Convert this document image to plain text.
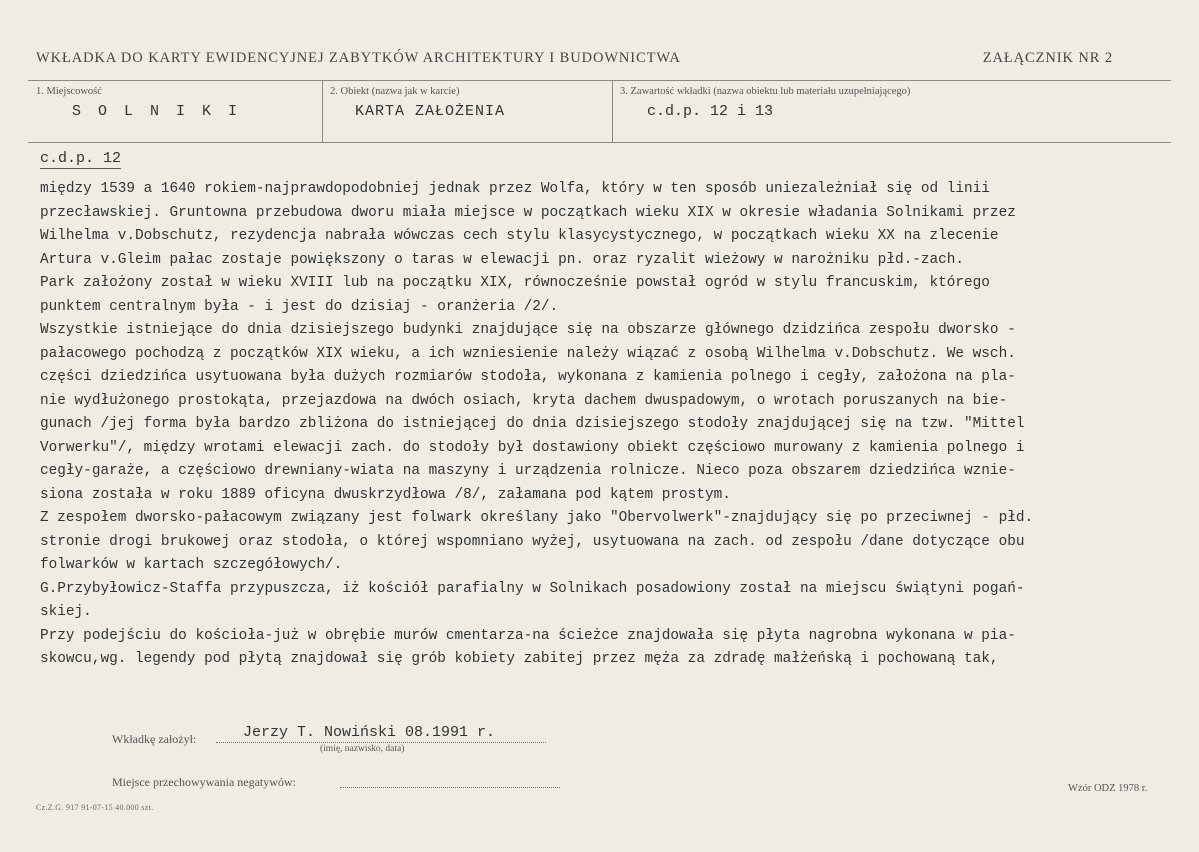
WKŁADKA DO KARTY EWIDENCYJNEJ ZABYTKÓW ARCHITEKTURY I BUDOWNICTWA	ZAŁĄCZNIK NR 2
1. Miejscowość
S O L N I K I
2. Obiekt (nazwa jak w karcie)
KARTA ZAŁOŻENIA
3. Zawartość wkładki (nazwa obiektu lub materiału uzupełniającego)
c.d.p. 12 i 13
c.d.p. 12
między 1539 a 1640 rokiem-najprawdopodobniej jednak przez Wolfa, który w ten sposób uniezależniał się od linii
przecławskiej. Gruntowna przebudowa dworu miała miejsce w początkach wieku XIX w okresie władania Solnikami przez
Wilhelma v.Dobschutz, rezydencja nabrała wówczas cech stylu klasycystycznego, w początkach wieku XX na zlecenie
Artura v.Gleim pałac zostaje powiększony o taras w elewacji pn. oraz ryzalit wieżowy w narożniku płd.-zach.
Park założony został w wieku XVIII lub na początku XIX, równocześnie powstał ogród w stylu francuskim, którego
punktem centralnym była - i jest do dzisiaj - oranżeria /2/.
Wszystkie istniejące do dnia dzisiejszego budynki znajdujące się na obszarze głównego dzidzińca zespołu dworsko -
pałacowego pochodzą z początków XIX wieku, a ich wzniesienie należy wiązać z osobą Wilhelma v.Dobschutz. We wsch.
części dziedzińca usytuowana była dużych rozmiarów stodoła, wykonana z kamienia polnego i cegły, założona na pla-
nie wydłużonego prostokąta, przejazdowa na dwóch osiach, kryta dachem dwuspadowym, o wrotach poruszanych na bie-
gunach /jej forma była bardzo zbliżona do istniejącej do dnia dzisiejszego stodoły znajdującej się na tzw. "Mittel
Vorwerku"/, między wrotami elewacji zach. do stodoły był dostawiony obiekt częściowo murowany z kamienia polnego i
cegły-garaże, a częściowo drewniany-wiata na maszyny i urządzenia rolnicze. Nieco poza obszarem dziedzińca wznie-
siona została w roku 1889 oficyna dwuskrzydłowa /8/, załamana pod kątem prostym.
Z zespołem dworsko-pałacowym związany jest folwark określany jako "Obervolwerk"-znajdujący się po przeciwnej - płd.
stronie drogi brukowej oraz stodoła, o której wspomniano wyżej, usytuowana na zach. od zespołu /dane dotyczące obu
folwarków w kartach szczegółowych/.
G.Przybyłowicz-Staffa przypuszcza, iż kościół parafialny w Solnikach posadowiony został na miejscu świątyni pogań-
skiej.
Przy podejściu do kościoła-już w obrębie murów cmentarza-na ścieżce znajdowała się płyta nagrobna wykonana w pia-
skowcu,wg. legendy pod płytą znajdował się grób kobiety zabitej przez męża za zdradę małżeńską i pochowaną tak,
Wkładkę założył:	Jerzy T. Nowiński 08.1991 r.
(imię, nazwisko, data)
Miejsce przechowywania negatywów:
Cz.Z.G. 917 91-07-15 40.000 szt.
Wzór ODZ 1978 r.
